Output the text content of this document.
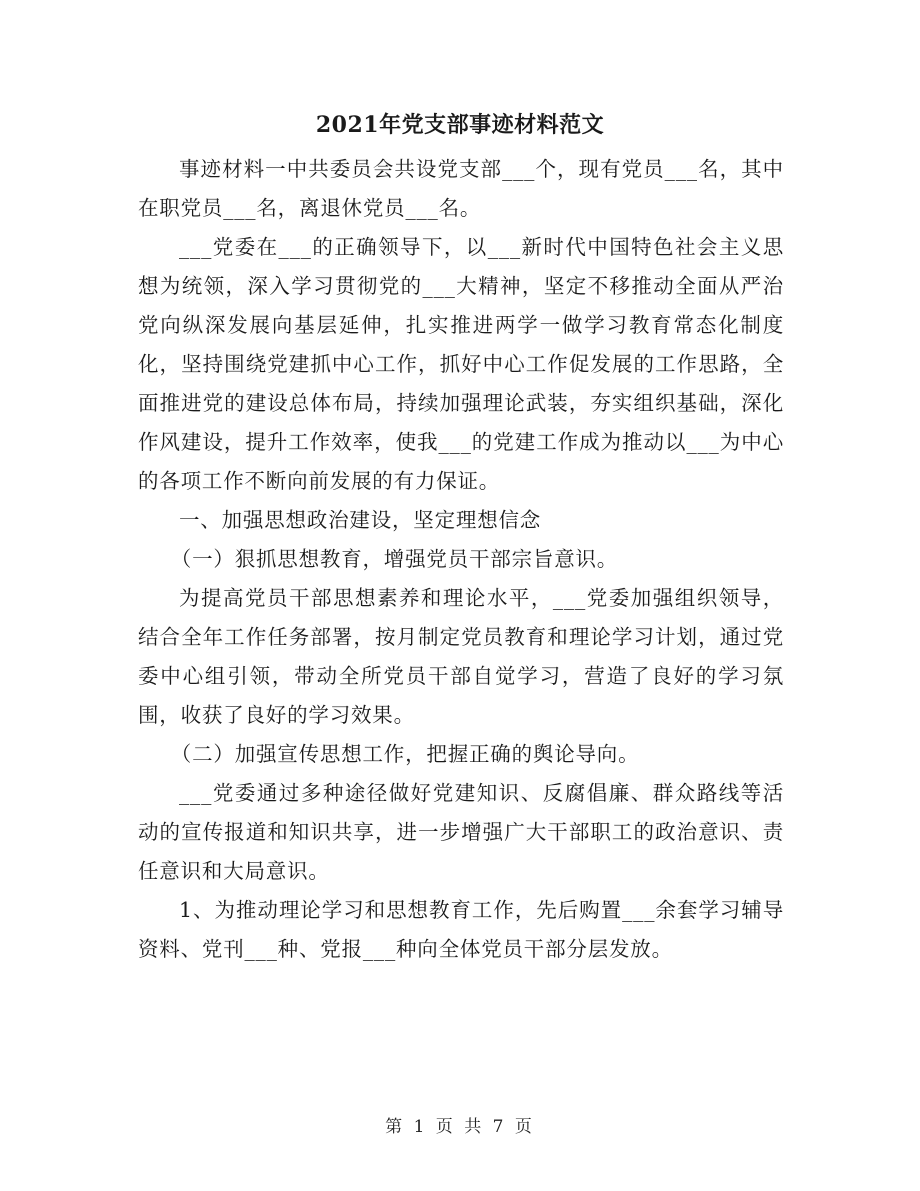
2021年党支部事迹材料范文

事迹材料一中共委员会共设党支部___个，现有党员___名，其中在职党员___名，离退休党员___名。

___党委在___的正确领导下，以___新时代中国特色社会主义思想为统领，深入学习贯彻党的___大精神，坚定不移推动全面从严治党向纵深发展向基层延伸，扎实推进两学一做学习教育常态化制度化，坚持围绕党建抓中心工作，抓好中心工作促发展的工作思路，全面推进党的建设总体布局，持续加强理论武装，夯实组织基础，深化作风建设，提升工作效率，使我___的党建工作成为推动以___为中心的各项工作不断向前发展的有力保证。

一、加强思想政治建设，坚定理想信念

（一）狠抓思想教育，增强党员干部宗旨意识。

为提高党员干部思想素养和理论水平，___党委加强组织领导，结合全年工作任务部署，按月制定党员教育和理论学习计划，通过党委中心组引领，带动全所党员干部自觉学习，营造了良好的学习氛围，收获了良好的学习效果。

（二）加强宣传思想工作，把握正确的舆论导向。

___党委通过多种途径做好党建知识、反腐倡廉、群众路线等活动的宣传报道和知识共享，进一步增强广大干部职工的政治意识、责任意识和大局意识。

1、为推动理论学习和思想教育工作，先后购置___余套学习辅导资料、党刊___种、党报___种向全体党员干部分层发放。

第 1 页 共 7 页
